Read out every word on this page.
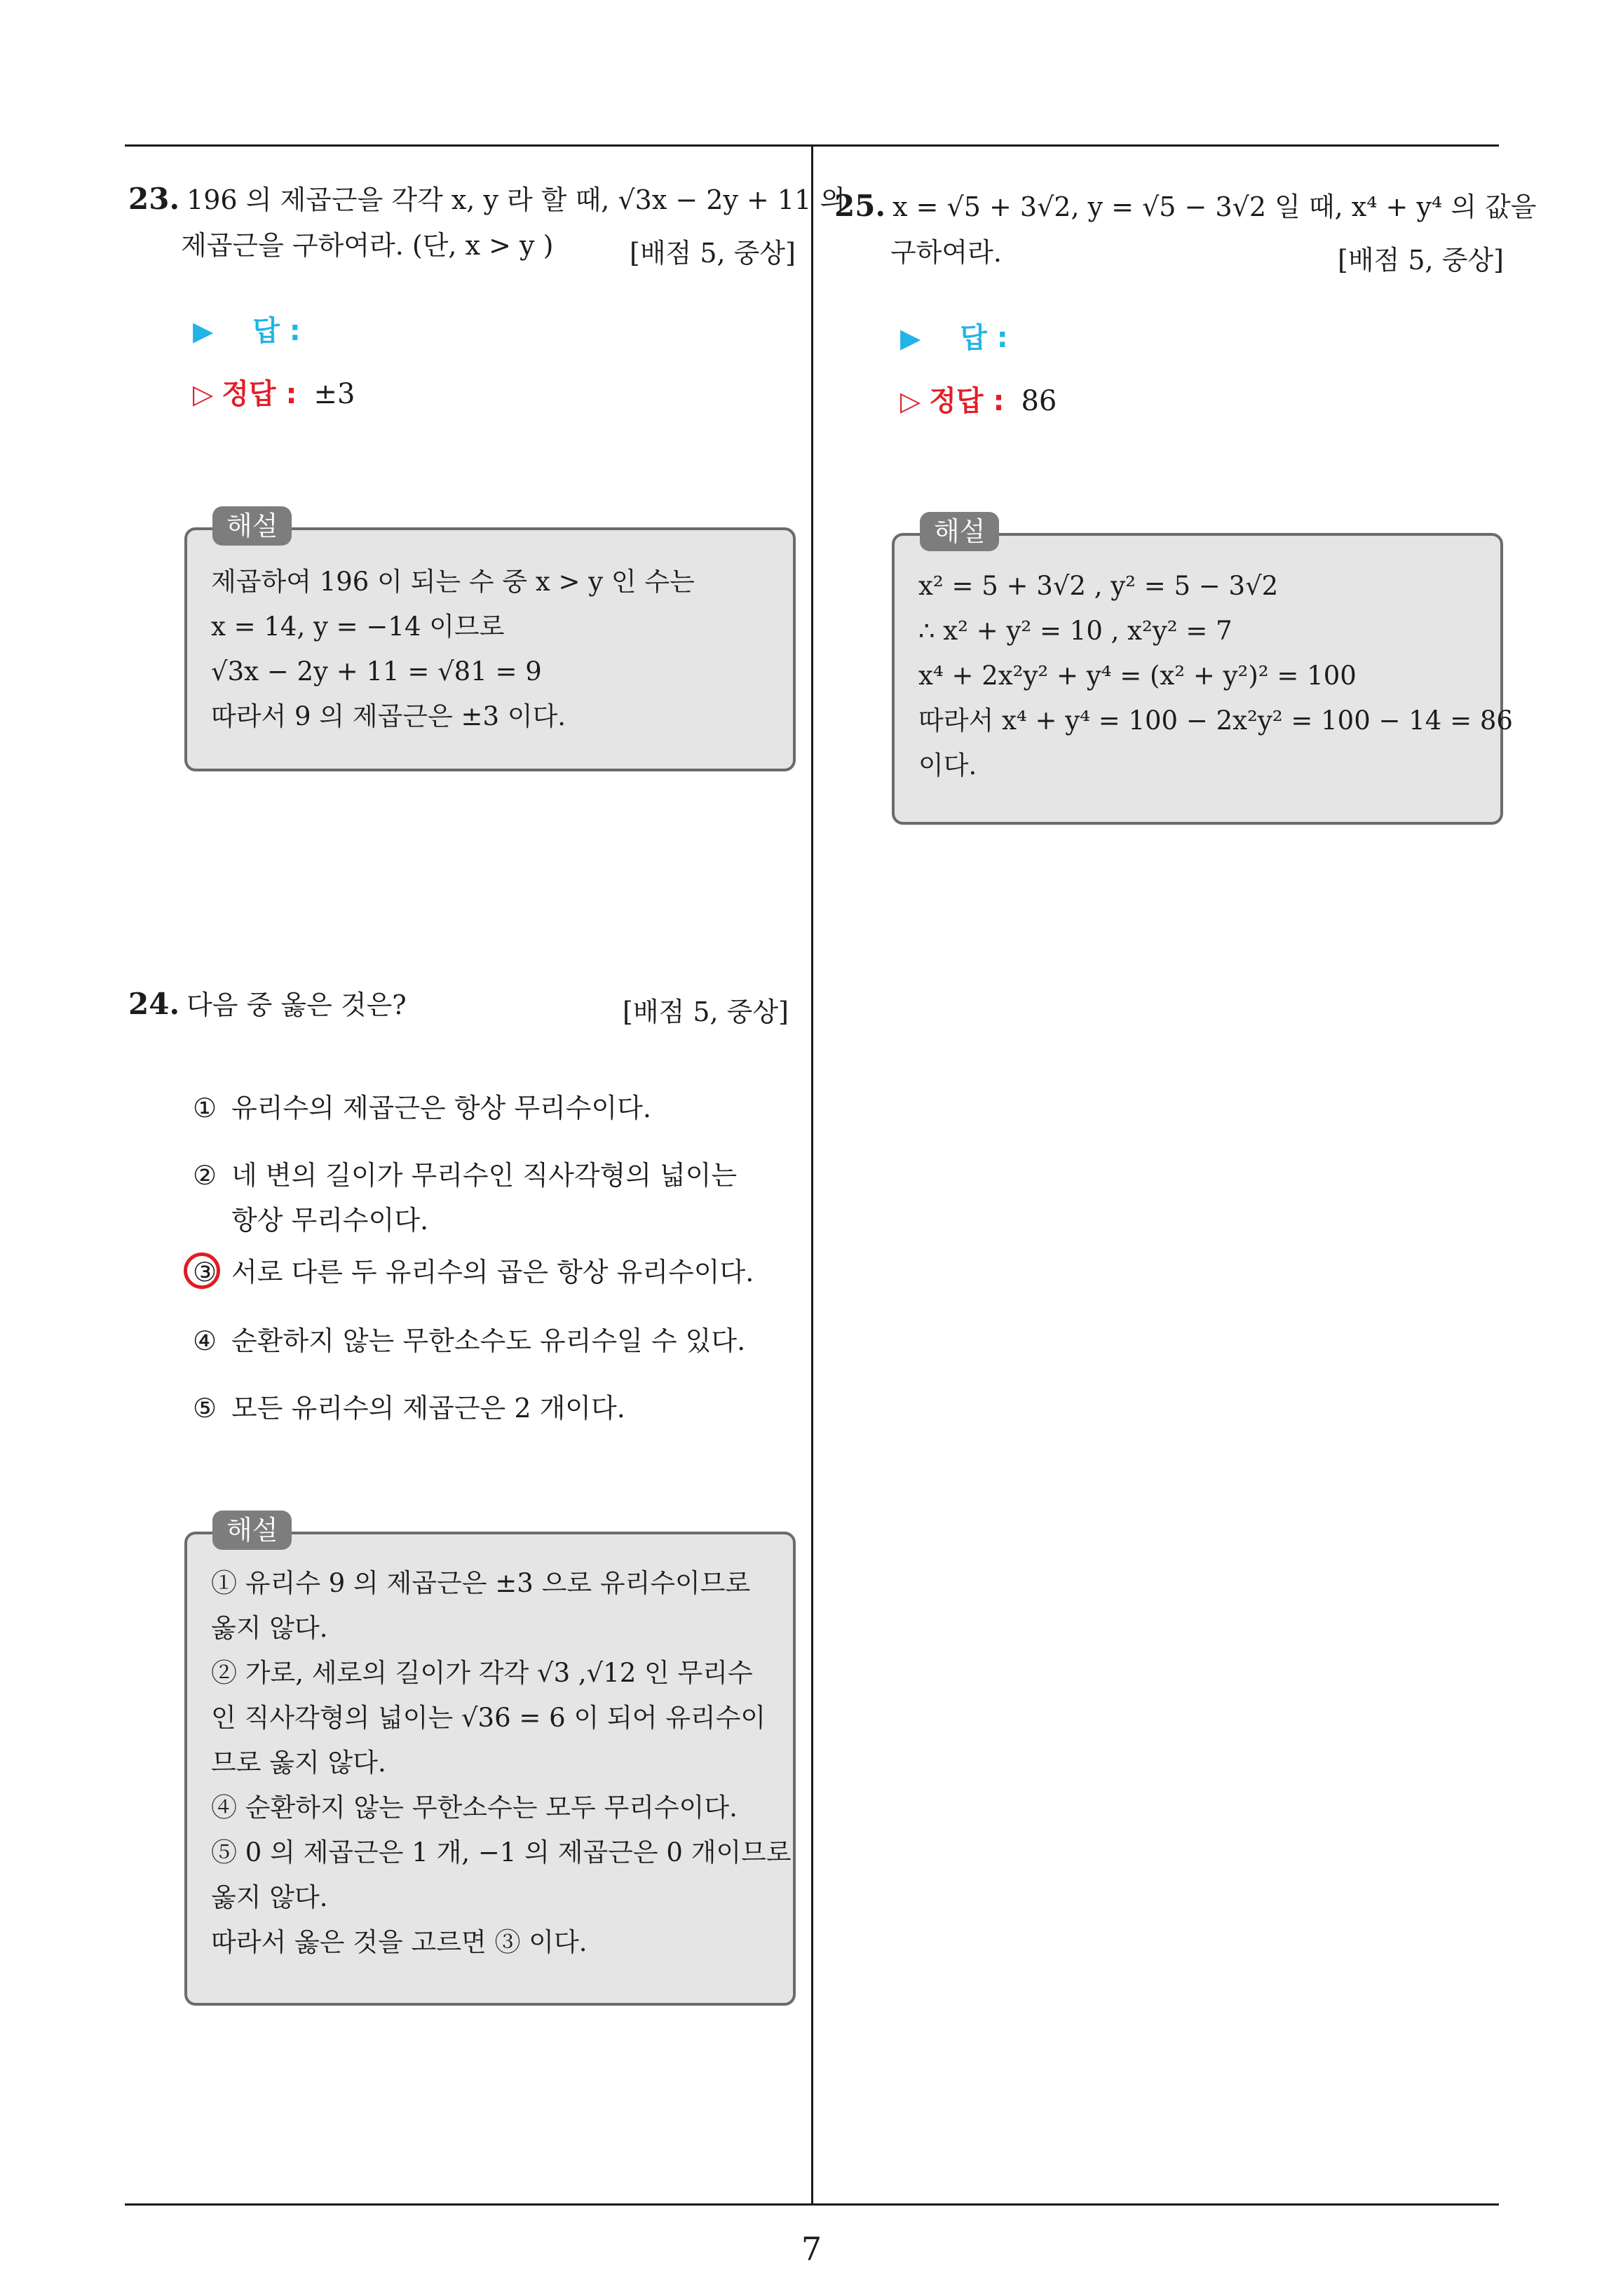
23. 196 의 제곱근을 각각 x, y 라 할 때, √3x − 2y + 11 의
제곱근을 구하여라. (단, x > y )	[배점 5, 중상]
▶ 답 :
▷ 정답 : ±3
해설
제곱하여 196 이 되는 수 중 x > y 인 수는
x = 14, y = −14 이므로
√3x − 2y + 11 = √81 = 9
따라서 9 의 제곱근은 ±3 이다.
24. 다음 중 옳은 것은?	[배점 5, 중상]
① 유리수의 제곱근은 항상 무리수이다.
② 네 변의 길이가 무리수인 직사각형의 넓이는
항상 무리수이다.
③ 서로 다른 두 유리수의 곱은 항상 유리수이다.
④ 순환하지 않는 무한소수도 유리수일 수 있다.
⑤ 모든 유리수의 제곱근은 2 개이다.
해설
① 유리수 9 의 제곱근은 ±3 으로 유리수이므로
옳지 않다.
② 가로, 세로의 길이가 각각 √3 ,√12 인 무리수
인 직사각형의 넓이는 √36 = 6 이 되어 유리수이
므로 옳지 않다.
④ 순환하지 않는 무한소수는 모두 무리수이다.
⑤ 0 의 제곱근은 1 개, −1 의 제곱근은 0 개이므로
옳지 않다.
따라서 옳은 것을 고르면 ③ 이다.
25. x = √5 + 3√2, y = √5 − 3√2 일 때, x⁴ + y⁴ 의 값을
구하여라.	[배점 5, 중상]
▶ 답 :
▷ 정답 : 86
해설
x² = 5 + 3√2 , y² = 5 − 3√2
∴ x² + y² = 10 , x²y² = 7
x⁴ + 2x²y² + y⁴ = (x² + y²)² = 100
따라서 x⁴ + y⁴ = 100 − 2x²y² = 100 − 14 = 86
이다.
7
